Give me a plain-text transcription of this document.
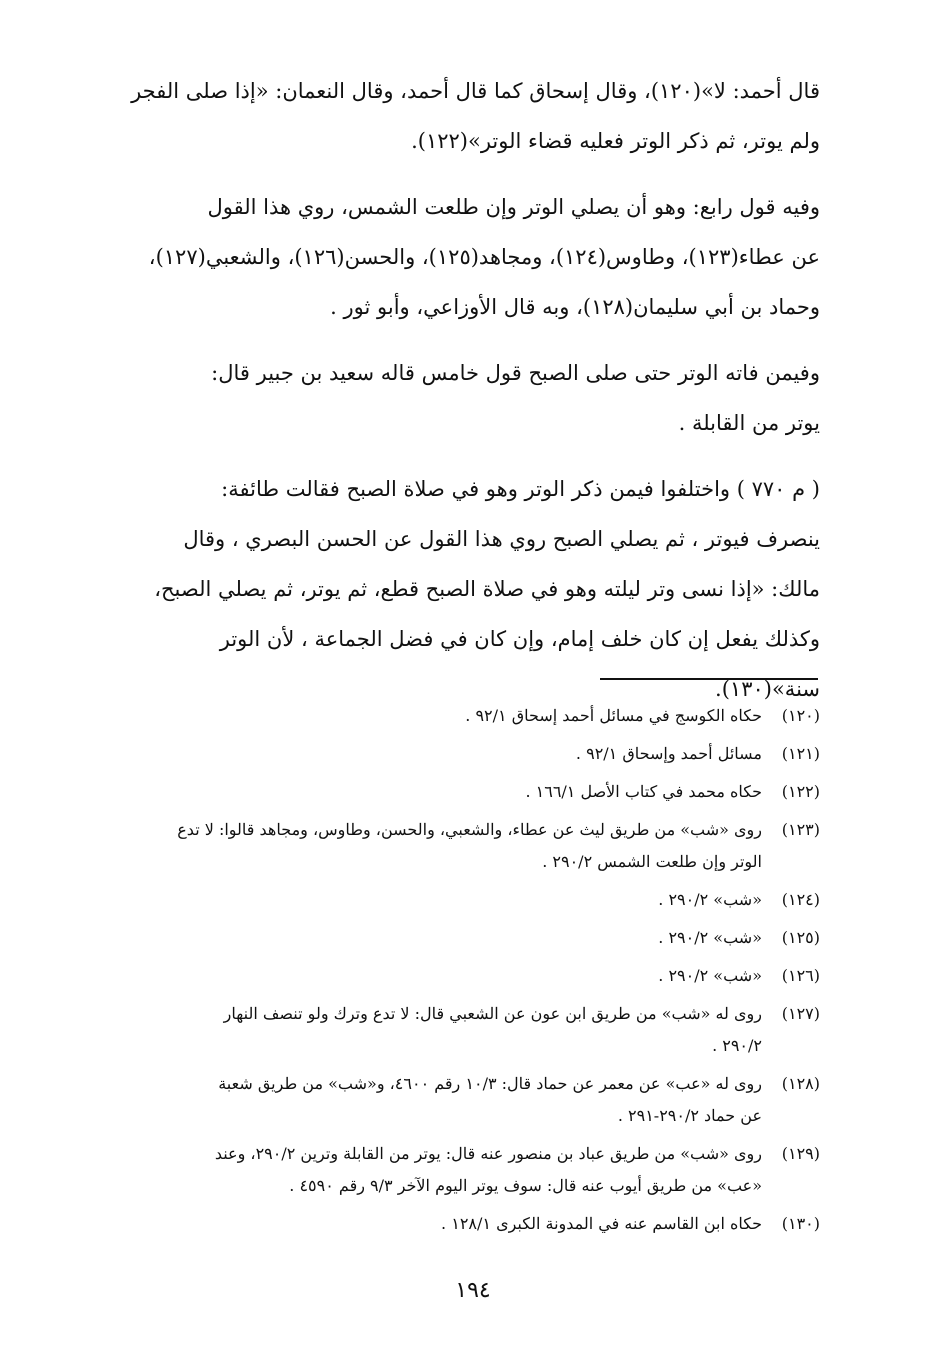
قال أحمد: لا»(١٢٠)، وقال إسحاق كما قال أحمد، وقال النعمان: «إذا صلى الفجر
ولم يوتر، ثم ذكر الوتر فعليه قضاء الوتر»(١٢٢).

وفيه قول رابع: وهو أن يصلي الوتر وإن طلعت الشمس، روي هذا القول
عن عطاء(١٢٣)، وطاوس(١٢٤)، ومجاهد(١٢٥)، والحسن(١٢٦)، والشعبي(١٢٧)،
وحماد بن أبي سليمان(١٢٨)، وبه قال الأوزاعي، وأبو ثور .

وفيمن فاته الوتر حتى صلى الصبح قول خامس قاله سعيد بن جبير قال:
يوتر من القابلة .

( م ٧٧٠ ) واختلفوا فيمن ذكر الوتر وهو في صلاة الصبح فقالت طائفة:
ينصرف فيوتر ، ثم يصلي الصبح روي هذا القول عن الحسن البصري ، وقال
مالك: «إذا نسى وتر ليلته وهو في صلاة الصبح قطع، ثم يوتر، ثم يصلي الصبح،
وكذلك يفعل إن كان خلف إمام، وإن كان في فضل الجماعة ، لأن الوتر
سنة»(١٣٠).

(١٢٠)
حكاه الكوسج في مسائل أحمد إسحاق ٩٢/١ .
(١٢١)
مسائل أحمد وإسحاق ٩٢/١ .
(١٢٢)
حكاه محمد في كتاب الأصل ١٦٦/١ .
(١٢٣)
روى «شب» من طريق ليث عن عطاء، والشعبي، والحسن، وطاوس، ومجاهد قالوا: لا تدع
الوتر وإن طلعت الشمس ٢٩٠/٢ .
(١٢٤)
«شب» ٢٩٠/٢ .
(١٢٥)
«شب» ٢٩٠/٢ .
(١٢٦)
«شب» ٢٩٠/٢ .
(١٢٧)
روى له «شب» من طريق ابن عون عن الشعبي قال: لا تدع وترك ولو تنصف النهار
٢٩٠/٢ .
(١٢٨)
روى له «عب» عن معمر عن حماد قال: ١٠/٣ رقم ٤٦٠٠، و«شب» من طريق شعبة
عن حماد ٢٩٠/٢-٢٩١ .
(١٢٩)
روى «شب» من طريق عباد بن منصور عنه قال: يوتر من القابلة وترين ٢٩٠/٢، وعند
«عب» من طريق أيوب عنه قال: سوف يوتر اليوم الآخر ٩/٣ رقم ٤٥٩٠ .
(١٣٠)
حكاه ابن القاسم عنه في المدونة الكبرى ١٢٨/١ .
١٩٤
